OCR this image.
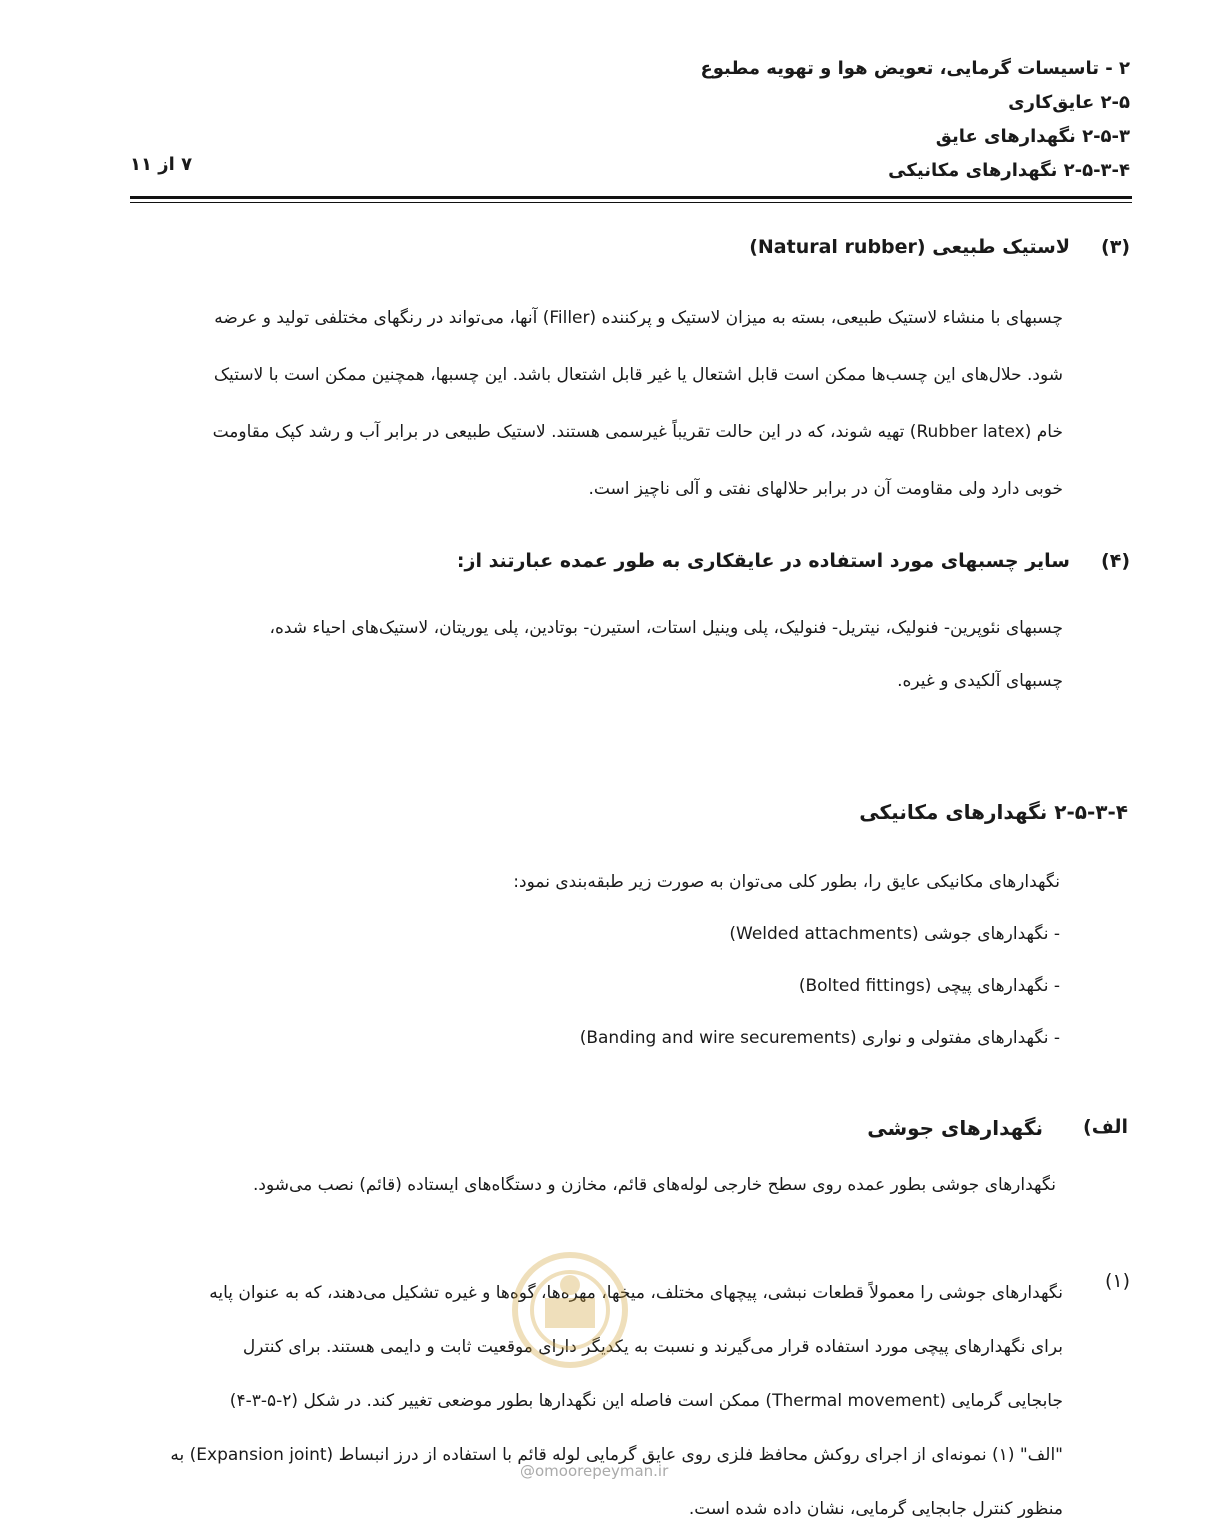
۲ - تاسیسات گرمایی، تعویض هوا و تهویه مطبوع
۲-۵ عایق‌کاری
۲-۵-۳ نگهدارهای عایق
۲-۵-۳-۴ نگهدارهای مکانیکی
۷ از ۱۱
(۳)
لاستیک طبیعی (Natural rubber)
چسبهای با منشاء لاستیک طبیعی، بسته به میزان لاستیک و پرکننده (Filler) آنها، می‌تواند در رنگهای مختلفی تولید و عرضه
شود. حلال‌های این چسب‌ها ممکن است قابل اشتعال یا غیر قابل اشتعال باشد. این چسبها، همچنین ممکن است با لاستیک
خام (Rubber latex) تهیه شوند، که در این حالت تقریباً غیرسمی هستند. لاستیک طبیعی در برابر آب و رشد کپک مقاومت
خوبی دارد ولی مقاومت آن در برابر حلالهای نفتی و آلی ناچیز است.
(۴)
سایر چسبهای مورد استفاده در عایقکاری به طور عمده عبارتند از:
چسبهای نئوپرین- فنولیک، نیتریل- فنولیک، پلی وینیل استات، استیرن- بوتادین، پلی یوریتان، لاستیک‌های احیاء شده،
چسبهای آلکیدی و غیره.
۲-۵-۳-۴ نگهدارهای مکانیکی
نگهدارهای مکانیکی عایق را، بطور کلی می‌توان به صورت زیر طبقه‌بندی نمود:
- نگهدارهای جوشی (Welded attachments)
- نگهدارهای پیچی (Bolted fittings)
- نگهدارهای مفتولی و نواری (Banding and wire securements)
الف)
نگهدارهای جوشی
نگهدارهای جوشی بطور عمده روی سطح خارجی لوله‌های قائم، مخازن و دستگاه‌های ایستاده (قائم) نصب می‌شود.
(۱)
نگهدارهای جوشی را معمولاً قطعات نبشی، پیچهای مختلف، میخها، مهره‌ها، گوه‌ها و غیره تشکیل می‌دهند، که به عنوان پایه
برای نگهدارهای پیچی مورد استفاده قرار می‌گیرند و نسبت به یکدیگر دارای موقعیت ثابت و دایمی هستند. برای کنترل
جابجایی گرمایی (Thermal movement) ممکن است فاصله این نگهدارها بطور موضعی تغییر کند. در شکل (۲-۵-۳-۴)
"الف" (۱) نمونه‌ای از اجرای روکش محافظ فلزی روی عایق گرمایی لوله قائم با استفاده از درز انبساط (Expansion joint) به
منظور کنترل جابجایی گرمایی، نشان داده شده است.
@omoorepeyman.ir
